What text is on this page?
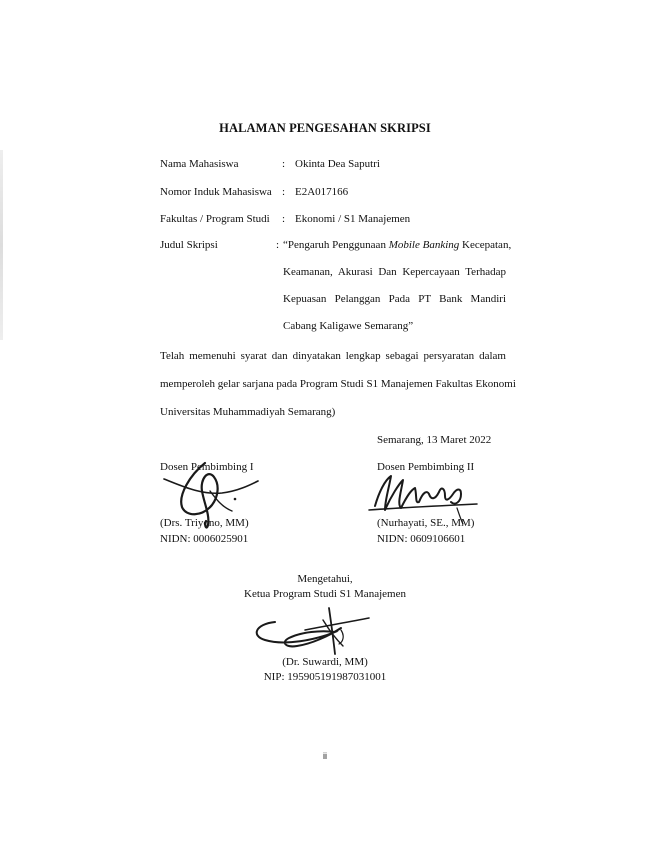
HALAMAN PENGESAHAN SKRIPSI
Nama Mahasiswa	: Okinta Dea Saputri
Nomor Induk Mahasiswa : E2A017166
Fakultas / Program Studi : Ekonomi / S1 Manajemen
Judul Skripsi	: “Pengaruh Penggunaan Mobile Banking Kecepatan,
Keamanan, Akurasi Dan Kepercayaan Terhadap
Kepuasan Pelanggan Pada PT Bank Mandiri
Cabang Kaligawe Semarang”
Telah memenuhi syarat dan dinyatakan lengkap sebagai persyaratan dalam
memperoleh gelar sarjana pada Program Studi S1 Manajemen Fakultas Ekonomi
Universitas Muhammadiyah Semarang)
Semarang, 13 Maret 2022
Dosen Pembimbing I
(Drs. Triyono, MM)
NIDN: 0006025901
Dosen Pembimbing II
(Nurhayati, SE., MM)
NIDN: 0609106601
Mengetahui,
Ketua Program Studi S1 Manajemen
(Dr. Suwardi, MM)
NIP: 195905191987031001
ii
